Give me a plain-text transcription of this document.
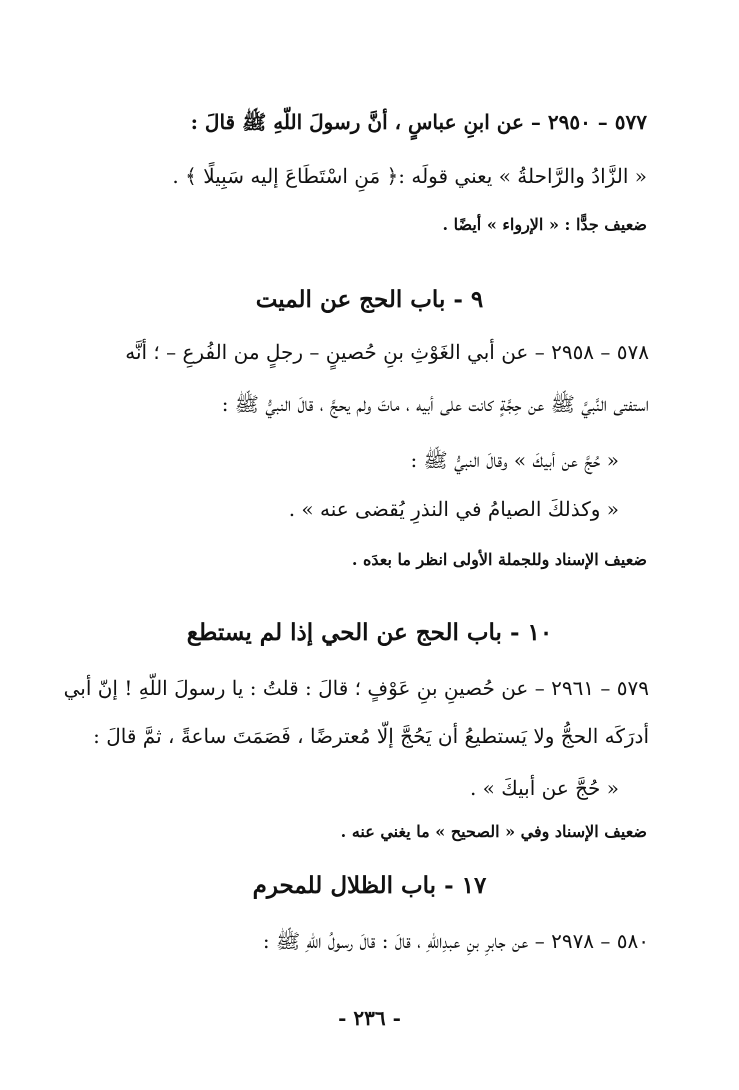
٥٧٧ – ٢٩٥٠ – عن ابنِ عباسٍ ، أنَّ رسولَ اللّهِ ﷺ قالَ :
« الزَّادُ والرَّاحلةُ » يعني قولَه :﴿ مَنِ اسْتَطَاعَ إليه سَبِيلًا ﴾ .
ضعيف جدًّا : « الإرواء » أيضًا .
٩ - باب الحج عن الميت
٥٧٨ – ٢٩٥٨ – عن أبي الغَوْثِ بنِ حُصينٍ – رجلٍ من الفُرعِ – ؛ أنَّه
استفتى النَّبيَّ ﷺ عن حِجَّةٍ كانت على أبيه ، ماتَ ولم يحجَّ ، قالَ النبيُّ ﷺ :
« حُجَّ عن أبيكَ » وقالَ النبيُّ ﷺ :
« وكذلكَ الصيامُ في النذرِ يُقضى عنه » .
ضعيف الإسناد وللجملة الأولى انظر ما بعدَه .
١٠ - باب الحج عن الحي إذا لم يستطع
٥٧٩ – ٢٩٦١ – عن حُصينِ بنِ عَوْفٍ ؛ قالَ : قلتُ : يا رسولَ اللّهِ ! إنّ أبي
أدرَكَه الحجُّ ولا يَستطيعُ أن يَحُجَّ إلّا مُعترضًا ، فَصَمَتَ ساعةً ، ثمَّ قالَ :
« حُجَّ عن أبيكَ » .
ضعيف الإسناد وفي « الصحيح » ما يغني عنه .
١٧ - باب الظلال للمحرم
٥٨٠ – ٢٩٧٨ – عن جابرِ بنِ عبدِاللّهِ ، قالَ : قالَ رسولُ اللّهِ ﷺ :
- ٢٣٦ -
